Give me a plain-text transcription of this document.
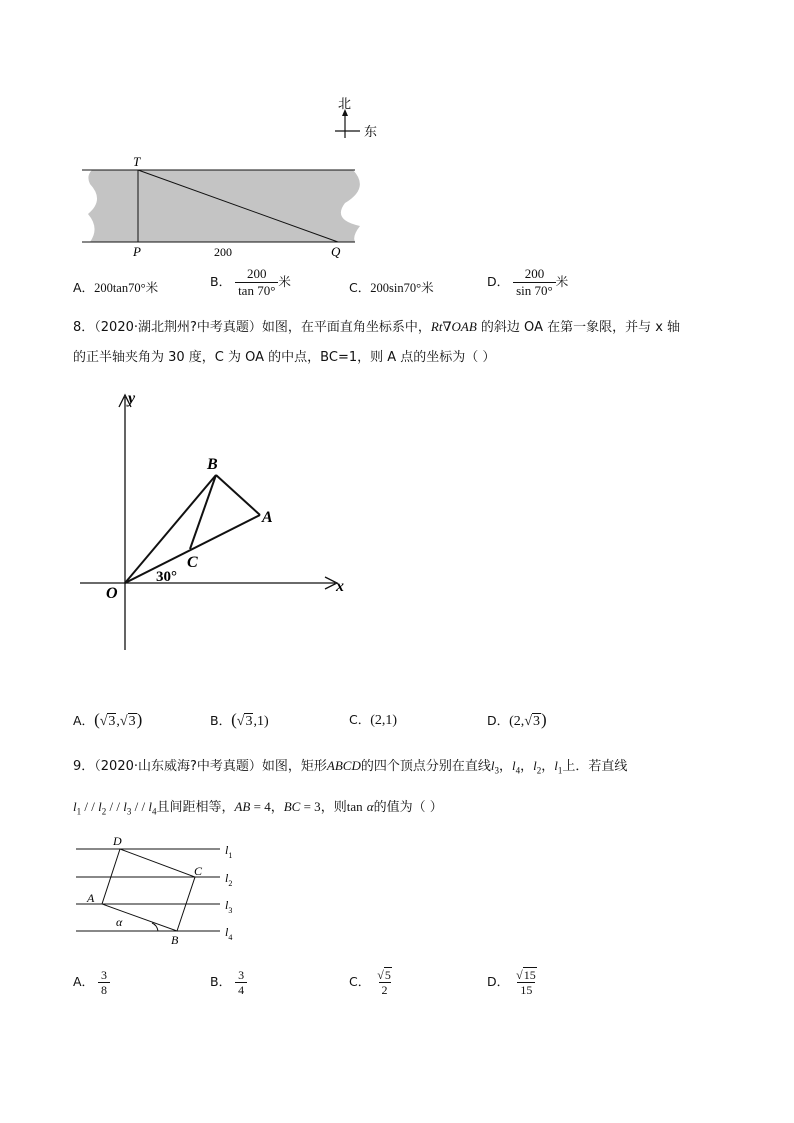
北
东
T
P	Q
200
A．200tan70°米	B． $\frac{200}{\tan 70^\circ}$ 米	C．200sin70°米	D． $\frac{200}{\sin 70^\circ}$ 米
8．（2020·湖北荆州?中考真题）如图，在平面直角坐标系中，Rt∇OAB 的斜边 OA 在第一象限，并与 x 轴
的正半轴夹角为 30 度，C 为 OA 的中点，BC=1，则 A 点的坐标为（ ）
y
x
O
A
B
C
30°
A．(√3,√3)	B．(√3,1)	C．(2,1)	D．(2,√3)
9．（2020·山东威海?中考真题）如图，矩形ABCD的四个顶点分别在直线$l_3$，$l_4$，$l_2$，$l_1$上．若直线
$l_1$ / / $l_2$ / / $l_3$ / / $l_4$且间距相等，AB = 4，BC = 3，则tan α的值为（ ）
D
C
A
B
α
$l_1$
$l_2$
$l_3$
$l_4$
A． $\frac{3}{8}$	B． $\frac{3}{4}$	C． $\frac{√5}{2}$	D． $\frac{√15}{15}$
